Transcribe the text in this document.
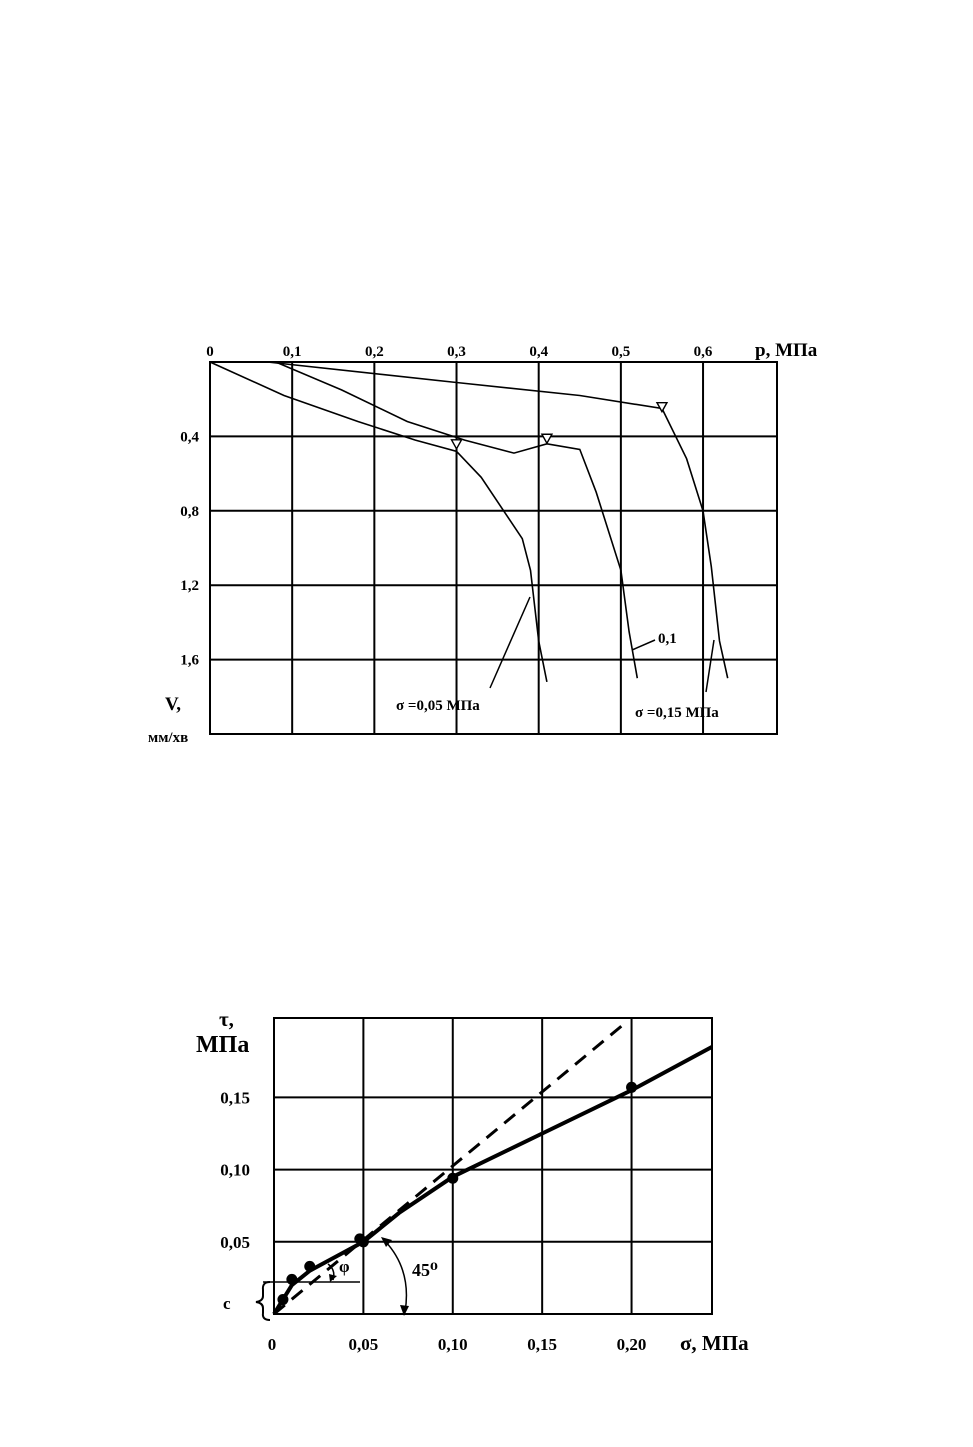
0,1	0,2	0,3	0,4	0,5	0,6
0,4
0,8
1,2
1,6
0	p, МПа
V,
мм/хв
σ =0,05 МПа
0,1
σ =0,15 МПа
0,05	0,10	0,15	0,20
0,05
0,10
0,15
0	σ, МПа
τ,
МПа
45⁰
φ
с
